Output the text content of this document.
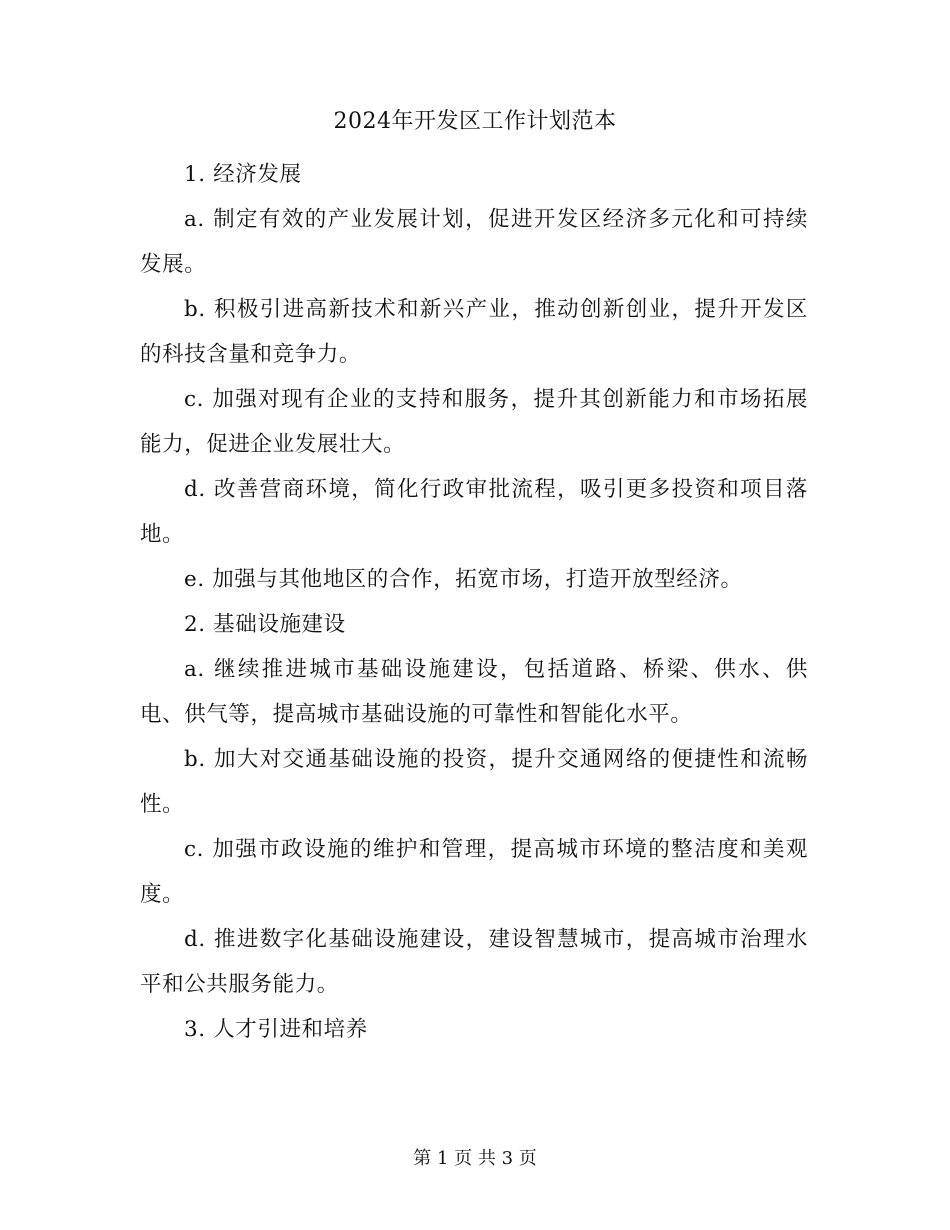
2024年开发区工作计划范本

1. 经济发展

a. 制定有效的产业发展计划，促进开发区经济多元化和可持续发展。

b. 积极引进高新技术和新兴产业，推动创新创业，提升开发区的科技含量和竞争力。

c. 加强对现有企业的支持和服务，提升其创新能力和市场拓展能力，促进企业发展壮大。

d. 改善营商环境，简化行政审批流程，吸引更多投资和项目落地。

e. 加强与其他地区的合作，拓宽市场，打造开放型经济。

2. 基础设施建设

a. 继续推进城市基础设施建设，包括道路、桥梁、供水、供电、供气等，提高城市基础设施的可靠性和智能化水平。

b. 加大对交通基础设施的投资，提升交通网络的便捷性和流畅性。

c. 加强市政设施的维护和管理，提高城市环境的整洁度和美观度。

d. 推进数字化基础设施建设，建设智慧城市，提高城市治理水平和公共服务能力。

3. 人才引进和培养

第 1 页 共 3 页
